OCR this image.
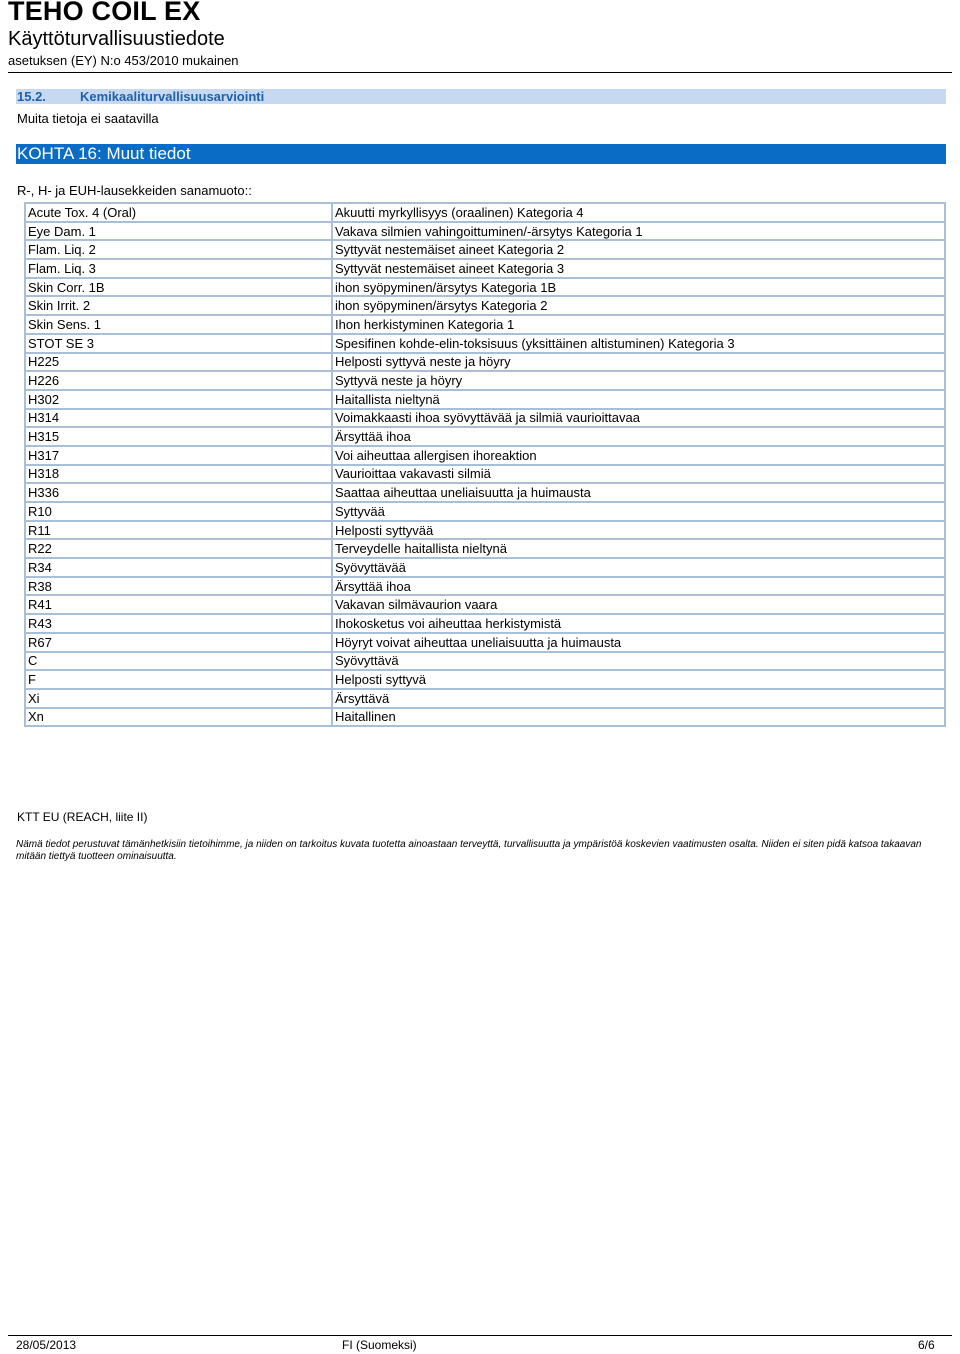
TEHO COIL EX
Käyttöturvallisuustiedote
asetuksen (EY) N:o 453/2010 mukainen
15.2.	Kemikaaliturvallisuusarviointi
Muita tietoja ei saatavilla
KOHTA 16: Muut tiedot
R-, H- ja EUH-lausekkeiden sanamuoto::
Acute Tox. 4 (Oral)	Akuutti myrkyllisyys (oraalinen) Kategoria 4
Eye Dam. 1	Vakava silmien vahingoittuminen/-ärsytys Kategoria 1
Flam. Liq. 2	Syttyvät nestemäiset aineet Kategoria 2
Flam. Liq. 3	Syttyvät nestemäiset aineet Kategoria 3
Skin Corr. 1B	ihon syöpyminen/ärsytys Kategoria 1B
Skin Irrit. 2	ihon syöpyminen/ärsytys Kategoria 2
Skin Sens. 1	Ihon herkistyminen Kategoria 1
STOT SE 3	Spesifinen kohde-elin-toksisuus (yksittäinen altistuminen) Kategoria 3
H225	Helposti syttyvä neste ja höyry
H226	Syttyvä neste ja höyry
H302	Haitallista nieltynä
H314	Voimakkaasti ihoa syövyttävää ja silmiä vaurioittavaa
H315	Ärsyttää ihoa
H317	Voi aiheuttaa allergisen ihoreaktion
H318	Vaurioittaa vakavasti silmiä
H336	Saattaa aiheuttaa uneliaisuutta ja huimausta
R10	Syttyvää
R11	Helposti syttyvää
R22	Terveydelle haitallista nieltynä
R34	Syövyttävää
R38	Ärsyttää ihoa
R41	Vakavan silmävaurion vaara
R43	Ihokosketus voi aiheuttaa herkistymistä
R67	Höyryt voivat aiheuttaa uneliaisuutta ja huimausta
C	Syövyttävä
F	Helposti syttyvä
Xi	Ärsyttävä
Xn	Haitallinen
KTT EU (REACH, liite II)
Nämä tiedot perustuvat tämänhetkisiin tietoihimme, ja niiden on tarkoitus kuvata tuotetta ainoastaan terveyttä, turvallisuutta ja ympäristöä koskevien vaatimusten osalta. Niiden ei siten pidä katsoa takaavan mitään tiettyä tuotteen ominaisuutta.
28/05/2013	FI (Suomeksi)	6/6
